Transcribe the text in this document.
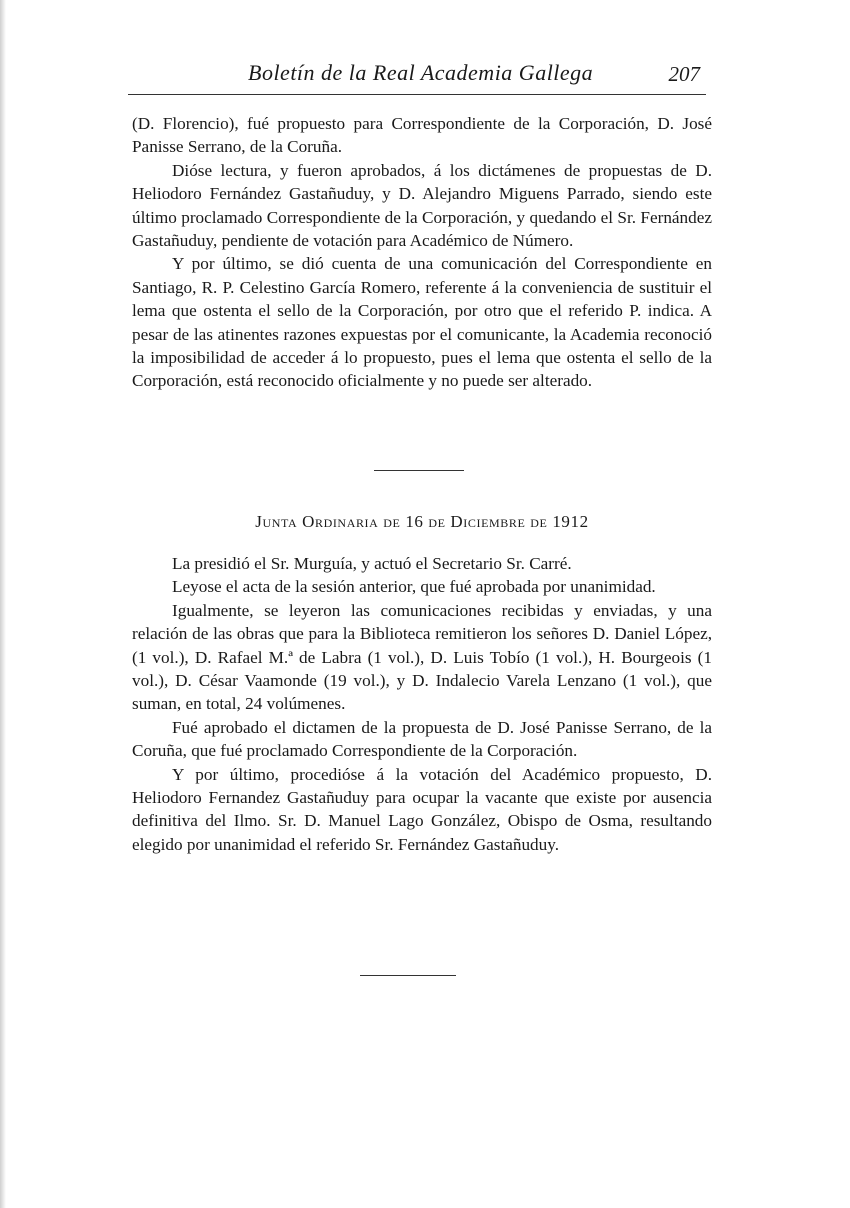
Boletín de la Real Academia Gallega	207

(D. Florencio), fué propuesto para Correspondiente de la Corporación, D. José Panisse Serrano, de la Coruña.

Dióse lectura, y fueron aprobados, á los dictámenes de propuestas de D. Heliodoro Fernández Gastañuduy, y D. Alejandro Miguens Parrado, siendo este último proclamado Correspondiente de la Corporación, y quedando el Sr. Fernández Gastañuduy, pendiente de votación para Académico de Número.

Y por último, se dió cuenta de una comunicación del Correspondiente en Santiago, R. P. Celestino García Romero, referente á la conveniencia de sustituir el lema que ostenta el sello de la Corporación, por otro que el referido P. indica. A pesar de las atinentes razones expuestas por el comunicante, la Academia reconoció la imposibilidad de acceder á lo propuesto, pues el lema que ostenta el sello de la Corporación, está reconocido oficialmente y no puede ser alterado.

Junta Ordinaria de 16 de Diciembre de 1912

La presidió el Sr. Murguía, y actuó el Secretario Sr. Carré.

Leyose el acta de la sesión anterior, que fué aprobada por unanimidad.

Igualmente, se leyeron las comunicaciones recibidas y enviadas, y una relación de las obras que para la Biblioteca remitieron los señores D. Daniel López, (1 vol.), D. Rafael M.ª de Labra (1 vol.), D. Luis Tobío (1 vol.), H. Bourgeois (1 vol.), D. César Vaamonde (19 vol.), y D. Indalecio Varela Lenzano (1 vol.), que suman, en total, 24 volúmenes.

Fué aprobado el dictamen de la propuesta de D. José Panisse Serrano, de la Coruña, que fué proclamado Correspondiente de la Corporación.

Y por último, procedióse á la votación del Académico propuesto, D. Heliodoro Fernandez Gastañuduy para ocupar la vacante que existe por ausencia definitiva del Ilmo. Sr. D. Manuel Lago González, Obispo de Osma, resultando elegido por unanimidad el referido Sr. Fernández Gastañuduy.
